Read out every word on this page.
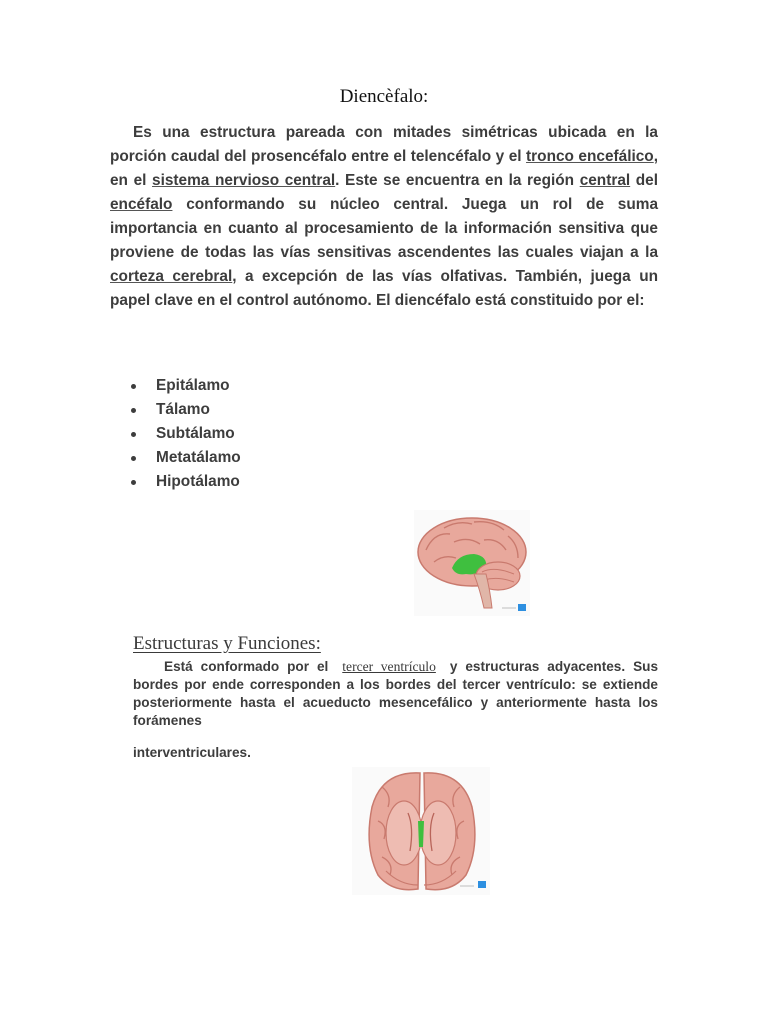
Diencèfalo:

Es una estructura pareada con mitades simétricas ubicada en la porción caudal del prosencéfalo entre el telencéfalo y el tronco encefálico, en el sistema nervioso central. Este se encuentra en la región central del encéfalo conformando su núcleo central. Juega un rol de suma importancia en cuanto al procesamiento de la información sensitiva que proviene de todas las vías sensitivas ascendentes las cuales viajan a la corteza cerebral, a excepción de las vías olfativas. También, juega un papel clave en el control autónomo. El diencéfalo está constituido por el:

Epitálamo
Tálamo
Subtálamo
Metatálamo
Hipotálamo
Estructuras y Funciones:

Está conformado por el tercer ventrículo y estructuras adyacentes. Sus bordes por ende corresponden a los bordes del tercer ventrículo: se extiende posteriormente hasta el acueducto mesencefálico y anteriormente hasta los forámenes

interventriculares.
